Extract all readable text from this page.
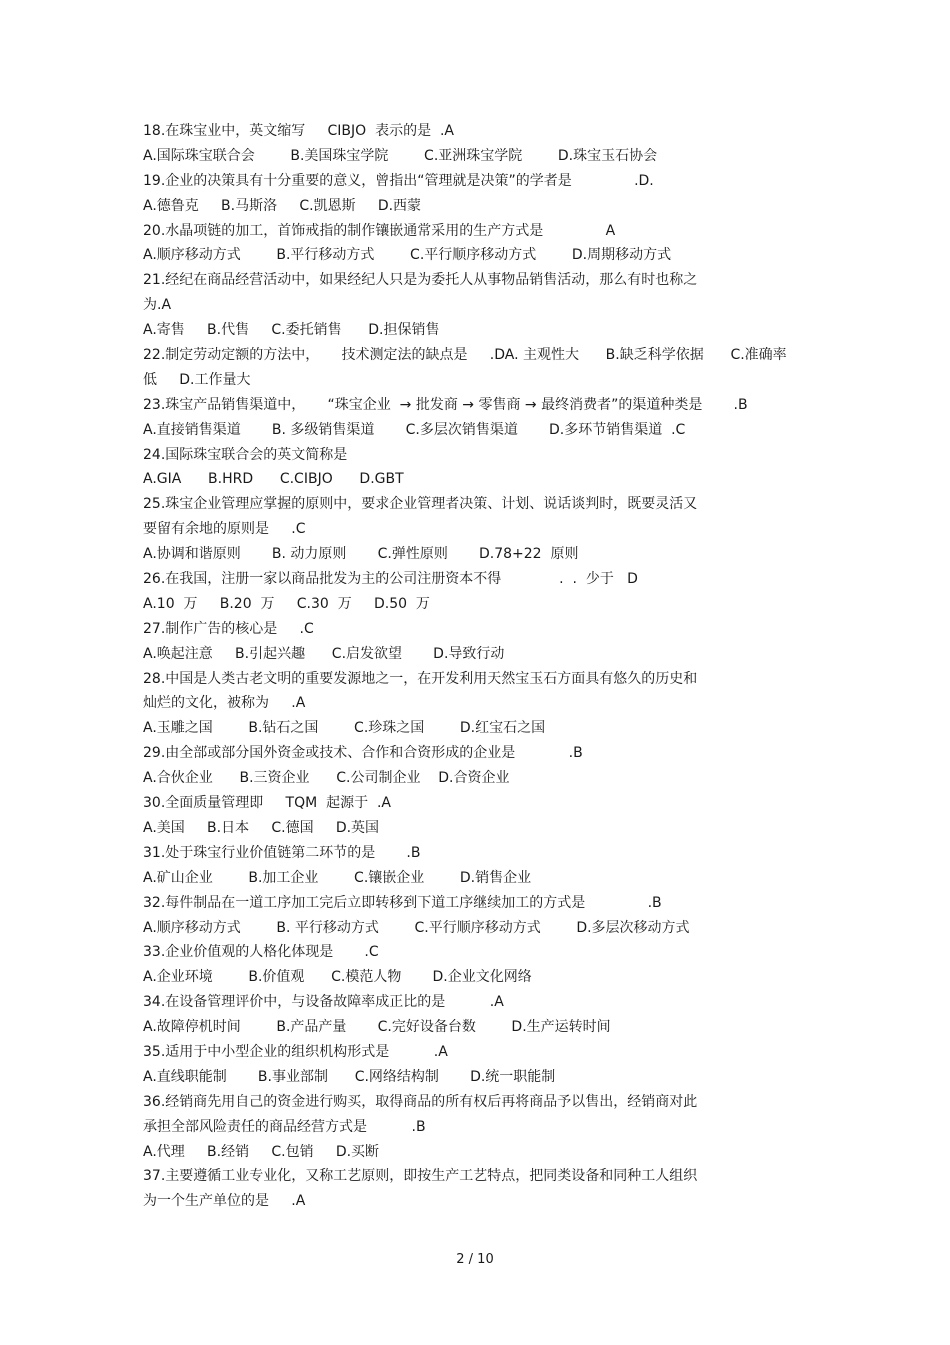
18.在珠宝业中，英文缩写     CIBJO  表示的是  .A
A.国际珠宝联合会        B.美国珠宝学院        C.亚洲珠宝学院        D.珠宝玉石协会
19.企业的决策具有十分重要的意义，曾指出“管理就是决策”的学者是              .D.
A.德鲁克     B.马斯洛     C.凯恩斯     D.西蒙
20.水晶项链的加工，首饰戒指的制作镶嵌通常采用的生产方式是              A
A.顺序移动方式        B.平行移动方式        C.平行顺序移动方式        D.周期移动方式
21.经纪在商品经营活动中，如果经纪人只是为委托人从事物品销售活动，那么有时也称之
为.A
A.寄售     B.代售     C.委托销售      D.担保销售
22.制定劳动定额的方法中，     技术测定法的缺点是     .DA. 主观性大      B.缺乏科学依据      C.准确率
低     D.工作量大
23.珠宝产品销售渠道中，     “珠宝企业  → 批发商 → 零售商 → 最终消费者”的渠道种类是       .B
A.直接销售渠道       B. 多级销售渠道       C.多层次销售渠道       D.多环节销售渠道  .C
24.国际珠宝联合会的英文简称是
A.GIA      B.HRD      C.CIBJO      D.GBT
25.珠宝企业管理应掌握的原则中，要求企业管理者决策、计划、说话谈判时，既要灵活又
要留有余地的原则是     .C
A.协调和谐原则       B. 动力原则       C.弹性原则       D.78+22  原则
26.在我国，注册一家以商品批发为主的公司注册资本不得             .  .  少于   D
A.10  万     B.20  万     C.30  万     D.50  万
27.制作广告的核心是     .C
A.唤起注意     B.引起兴趣      C.启发欲望       D.导致行动
28.中国是人类古老文明的重要发源地之一，在开发利用天然宝玉石方面具有悠久的历史和
灿烂的文化，被称为     .A
A.玉雕之国        B.钻石之国        C.珍珠之国        D.红宝石之国
29.由全部或部分国外资金或技术、合作和合资形成的企业是            .B
A.合伙企业      B.三资企业      C.公司制企业    D.合资企业
30.全面质量管理即     TQM  起源于  .A
A.美国     B.日本     C.德国     D.英国
31.处于珠宝行业价值链第二环节的是       .B
A.矿山企业        B.加工企业        C.镶嵌企业        D.销售企业
32.每件制品在一道工序加工完后立即转移到下道工序继续加工的方式是              .B
A.顺序移动方式        B. 平行移动方式        C.平行顺序移动方式        D.多层次移动方式
33.企业价值观的人格化体现是       .C
A.企业环境        B.价值观      C.模范人物       D.企业文化网络
34.在设备管理评价中，与设备故障率成正比的是          .A
A.故障停机时间        B.产品产量       C.完好设备台数        D.生产运转时间
35.适用于中小型企业的组织机构形式是          .A
A.直线职能制       B.事业部制      C.网络结构制       D.统一职能制
36.经销商先用自己的资金进行购买，取得商品的所有权后再将商品予以售出，经销商对此
承担全部风险责任的商品经营方式是          .B
A.代理     B.经销     C.包销     D.买断
37.主要遵循工业专业化，又称工艺原则，即按生产工艺特点，把同类设备和同种工人组织
为一个生产单位的是     .A
2 / 10
